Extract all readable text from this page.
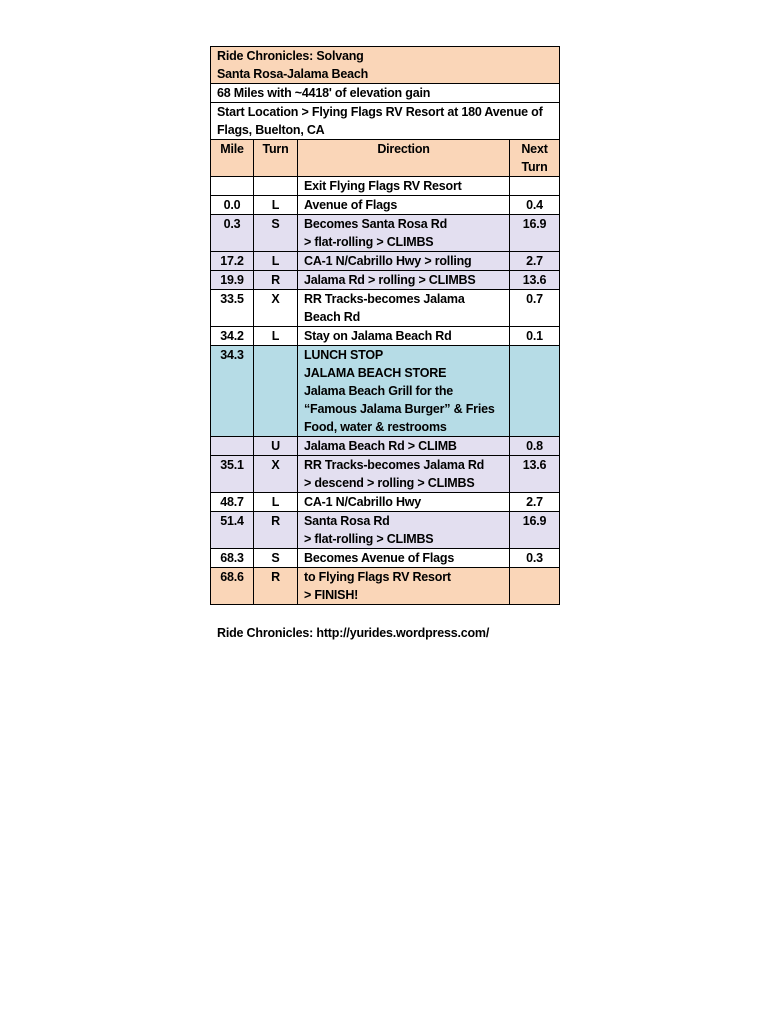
Ride Chronicles: Solvang
Santa Rosa-Jalama Beach			

68 Miles with ~4418' of elevation gain			

Start Location > Flying Flags RV Resort at 180 Avenue of
Flags, Buelton, CA			

Mile	Turn	Direction	Next
Turn

		Exit Flying Flags RV Resort	

0.0	L	Avenue of Flags	0.4
0.3	S	Becomes Santa Rosa Rd
> flat-rolling > CLIMBS	16.9
17.2	L	CA-1 N/Cabrillo Hwy > rolling	2.7
19.9	R	Jalama Rd > rolling > CLIMBS	13.6
33.5	X	RR Tracks-becomes Jalama
Beach Rd	0.7
34.2	L	Stay on Jalama Beach Rd	0.1
34.3		LUNCH STOP
JALAMA BEACH STORE
Jalama Beach Grill for the
“Famous Jalama Burger” & Fries
Food, water & restrooms	

	U	Jalama Beach Rd > CLIMB	0.8
35.1	X	RR Tracks-becomes Jalama Rd
> descend > rolling > CLIMBS	13.6
48.7	L	CA-1 N/Cabrillo Hwy	2.7
51.4	R	Santa Rosa Rd
> flat-rolling > CLIMBS	16.9
68.3	S	Becomes Avenue of Flags	0.3
68.6	R	to Flying Flags RV Resort
> FINISH!	

Ride Chronicles: http://yurides.wordpress.com/
